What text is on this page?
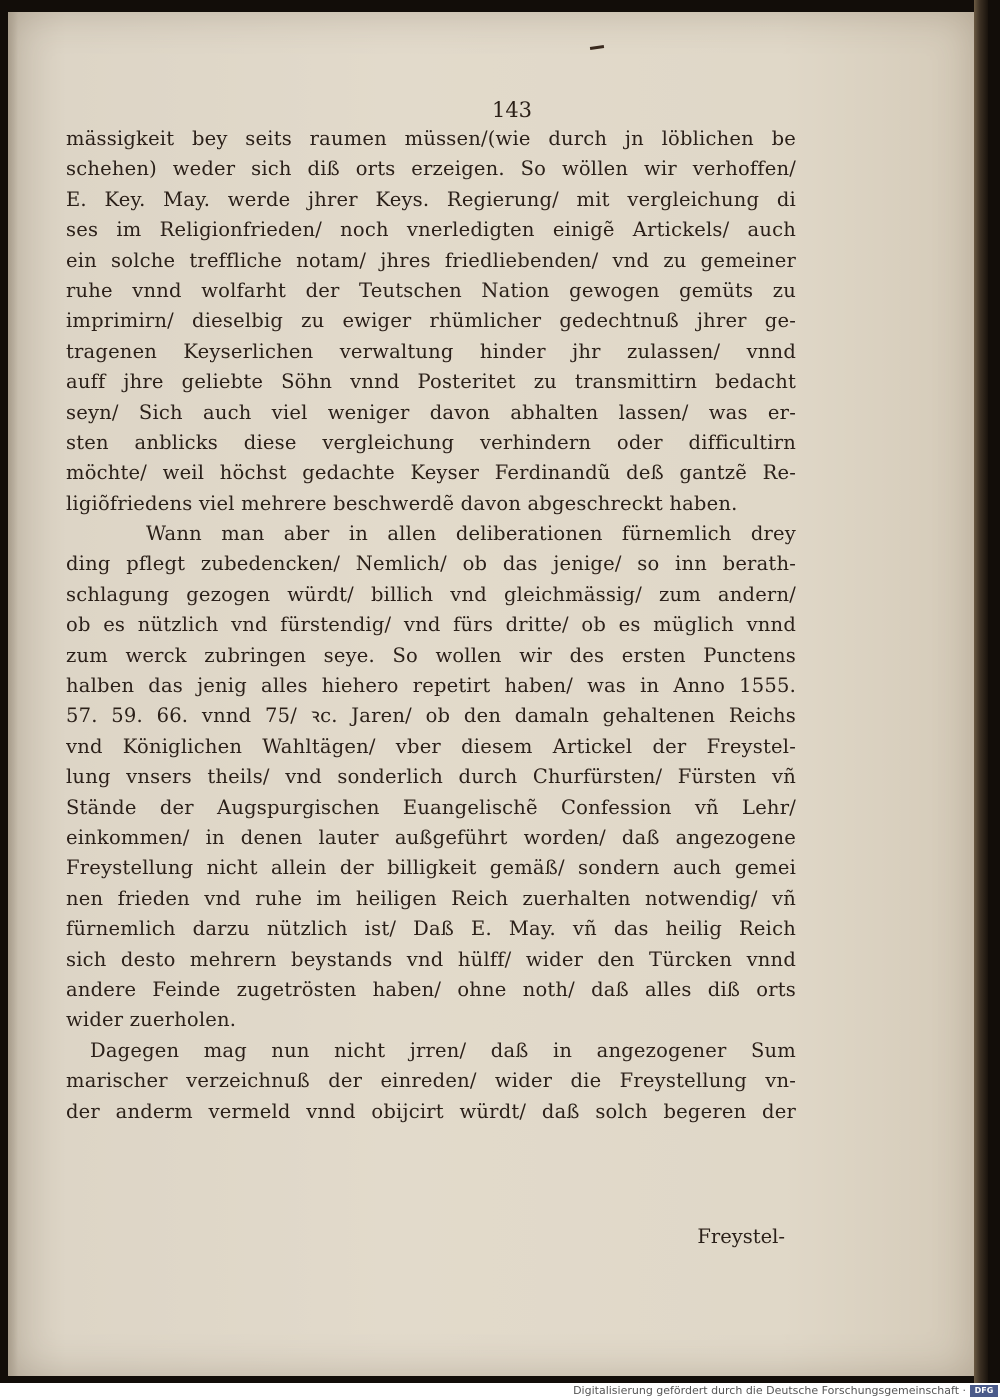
143
mässigkeit bey seits raumen müssen/(wie durch jn löblichen be
schehen) weder sich diß orts erzeigen. So wöllen wir verhoffen/
E. Key. May. werde jhrer Keys. Regierung/ mit vergleichung di
ses im Religionfrieden/ noch vnerledigten einigẽ Artickels/ auch
ein solche treffliche notam/ jhres friedliebenden/ vnd zu gemeiner
ruhe vnnd wolfarht der Teutschen Nation gewogen gemüts zu
imprimirn/ dieselbig zu ewiger rhümlicher gedechtnuß jhrer ge-
tragenen Keyserlichen verwaltung hinder jhr zulassen/ vnnd
auff jhre geliebte Söhn vnnd Posteritet zu transmittirn bedacht
seyn/ Sich auch viel weniger davon abhalten lassen/ was er-
sten anblicks diese vergleichung verhindern oder difficultirn
möchte/ weil höchst gedachte Keyser Ferdinandũ deß gantzẽ Re-
ligiõfriedens viel mehrere beschwerdẽ davon abgeschreckt haben.
Wann man aber in allen deliberationen fürnemlich drey
ding pflegt zubedencken/ Nemlich/ ob das jenige/ so inn berath-
schlagung gezogen würdt/ billich vnd gleichmässig/ zum andern/
ob es nützlich vnd fürstendig/ vnd fürs dritte/ ob es müglich vnnd
zum werck zubringen seye. So wollen wir des ersten Punctens
halben das jenig alles hiehero repetirt haben/ was in Anno 1555.
57. 59. 66. vnnd 75/ ꝛc. Jaren/ ob den damaln gehaltenen Reichs
vnd Königlichen Wahltägen/ vber diesem Artickel der Freystel-
lung vnsers theils/ vnd sonderlich durch Churfürsten/ Fürsten vñ
Stände der Augspurgischen Euangelischẽ Confession vñ Lehr/
einkommen/ in denen lauter außgeführt worden/ daß angezogene
Freystellung nicht allein der billigkeit gemäß/ sondern auch gemei
nen frieden vnd ruhe im heiligen Reich zuerhalten notwendig/ vñ
fürnemlich darzu nützlich ist/ Daß E. May. vñ das heilig Reich
sich desto mehrern beystands vnd hülff/ wider den Türcken vnnd
andere Feinde zugetrösten haben/ ohne noth/ daß alles diß orts
wider zuerholen.
Dagegen mag nun nicht jrren/ daß in angezogener Sum
marischer verzeichnuß der einreden/ wider die Freystellung vn-
der anderm vermeld vnnd obijcirt würdt/ daß solch begeren der
Freystel-
Digitalisierung gefördert durch die Deutsche Forschungsgemeinschaft ·	DFG
